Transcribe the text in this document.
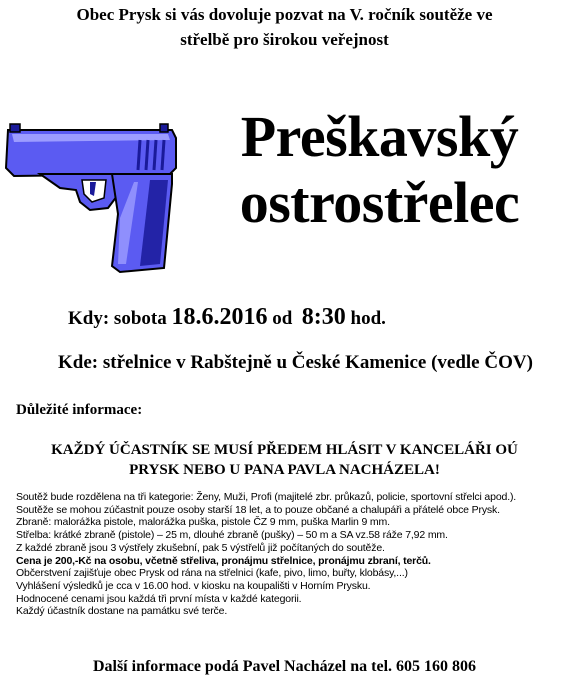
Obec Prysk si vás dovoluje pozvat na V. ročník soutěže ve
střelbě pro širokou veřejnost
Preškavský
ostrostřelec
Kdy: sobota 18.6.2016 od 8:30 hod.
Kde: střelnice v Rabštejně u České Kamenice (vedle ČOV)
Důležité informace:
KAŽDÝ ÚČASTNÍK SE MUSÍ PŘEDEM HLÁSIT V KANCELÁŘI OÚ
PRYSK NEBO U PANA PAVLA NACHÁZELA!
Soutěž bude rozdělena na tři kategorie: Ženy, Muži, Profi (majitelé zbr. průkazů, policie, sportovní střelci apod.).
Soutěže se mohou zúčastnit pouze osoby starší 18 let, a to pouze občané a chalupáři a přátelé obce Prysk.
Zbraně: malorážka pistole, malorážka puška, pistole ČZ 9 mm, puška Marlin 9 mm.
Střelba: krátké zbraně (pistole) – 25 m, dlouhé zbraně (pušky) – 50 m a SA vz.58 ráže 7,92 mm.
Z každé zbraně jsou 3 výstřely zkušební, pak 5 výstřelů již počítaných do soutěže.
Cena je 200,-Kč na osobu, včetně střeliva, pronájmu střelnice, pronájmu zbraní, terčů.
Občerstvení zajišťuje obec Prysk od rána na střelnici (kafe, pivo, limo, buřty, klobásy,...)
Vyhlášení výsledků je cca v 16.00 hod. v kiosku na koupališti v Horním Prysku.
Hodnocené cenami jsou každá tři první místa v každé kategorii.
Každý účastník dostane na památku své terče.
Další informace podá Pavel Nacházel na tel. 605 160 806
